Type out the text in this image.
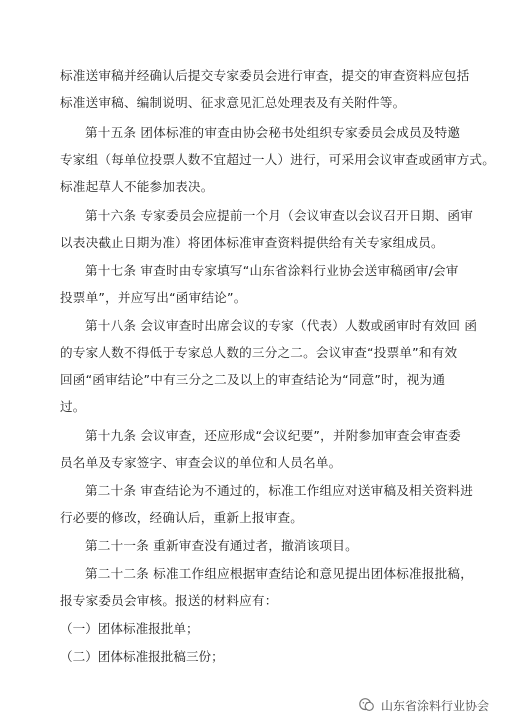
标准送审稿并经确认后提交专家委员会进行审查，提交的审查资料应包括
标准送审稿、编制说明、征求意见汇总处理表及有关附件等。
第十五条 团体标准的审查由协会秘书处组织专家委员会成员及特邀
专家组（每单位投票人数不宜超过一人）进行，可采用会议审查或函审方式。
标准起草人不能参加表决。
第十六条 专家委员会应提前一个月（会议审查以会议召开日期、函审
以表决截止日期为准）将团体标准审查资料提供给有关专家组成员。
第十七条 审查时由专家填写“山东省涂料行业协会送审稿函审/会审
投票单”，并应写出“函审结论”。
第十八条 会议审查时出席会议的专家（代表）人数或函审时有效回 函
的专家人数不得低于专家总人数的三分之二。会议审查“投票单”和有效
回函“函审结论”中有三分之二及以上的审查结论为“同意”时，视为通
过。
第十九条 会议审查，还应形成“会议纪要”，并附参加审查会审查委
员名单及专家签字、审查会议的单位和人员名单。
第二十条 审查结论为不通过的，标准工作组应对送审稿及相关资料进
行必要的修改，经确认后，重新上报审查。
第二十一条 重新审查没有通过者，撤消该项目。
第二十二条 标准工作组应根据审查结论和意见提出团体标准报批稿，
报专家委员会审核。报送的材料应有：
（一）团体标准报批单；
（二）团体标准报批稿三份；
山东省涂料行业协会
